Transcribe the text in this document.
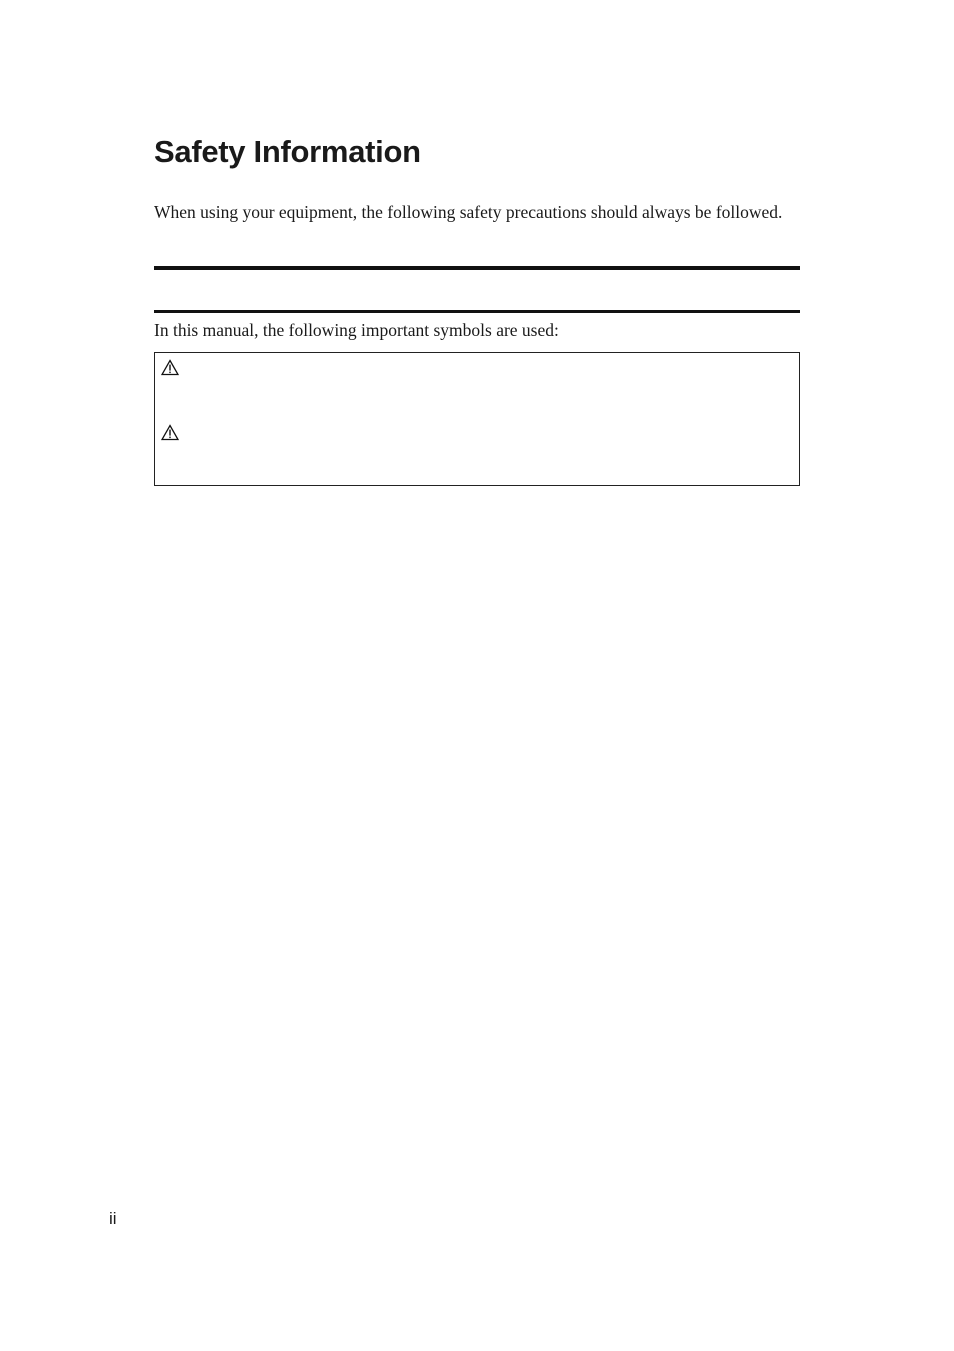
Safety Information

When using your equipment, the following safety precautions should always be followed.

In this manual, the following important symbols are used:

ii
